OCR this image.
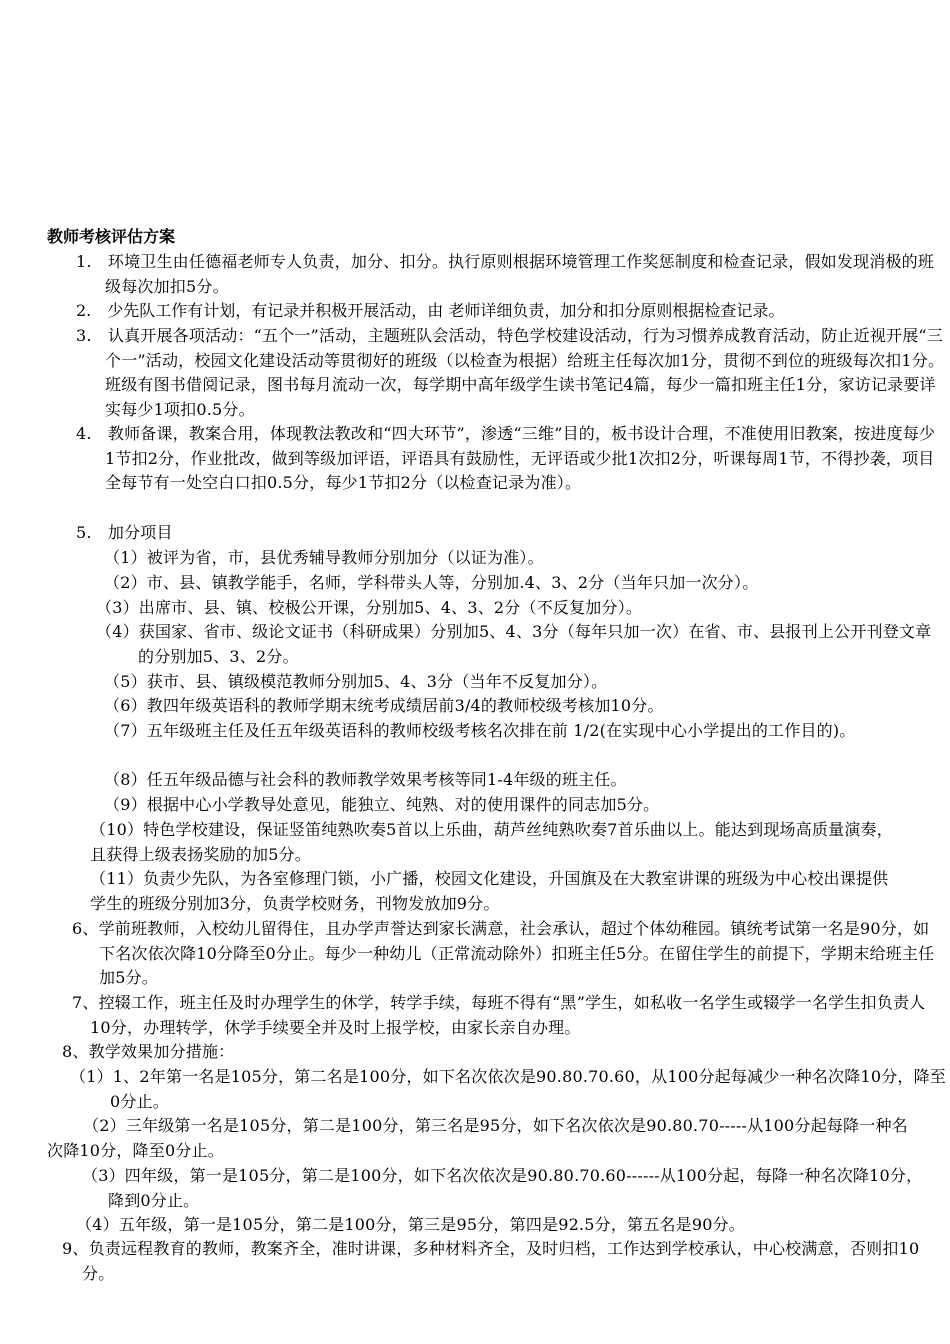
教师考核评估方案
1.　环境卫生由任德福老师专人负责，加分、扣分。执行原则根据环境管理工作奖惩制度和检查记录，假如发现消极的班级每次加扣5分。
2.　少先队工作有计划，有记录并积极开展活动，由 老师详细负责，加分和扣分原则根据检查记录。
3.　认真开展各项活动：“五个一”活动，主题班队会活动，特色学校建设活动，行为习惯养成教育活动，防止近视开展“三个一”活动，校园文化建设活动等贯彻好的班级（以检查为根据）给班主任每次加1分，贯彻不到位的班级每次扣1分。班级有图书借阅记录，图书每月流动一次，每学期中高年级学生读书笔记4篇，每少一篇扣班主任1分，家访记录要详实每少1项扣0.5分。
4.　教师备课，教案合用，体现教法教改和“四大环节”，渗透“三维”目的，板书设计合理，不准使用旧教案，按进度每少1节扣2分，作业批改，做到等级加评语，评语具有鼓励性，无评语或少批1次扣2分，听课每周1节，不得抄袭，项目全每节有一处空白口扣0.5分，每少1节扣2分（以检查记录为准）。
5.　加分项目
（1）被评为省，市，县优秀辅导教师分别加分（以证为准）。
（2）市、县、镇教学能手，名师，学科带头人等，分别加.4、3、2分（当年只加一次分）。
（3）出席市、县、镇、校极公开课，分别加5、4、3、2分（不反复加分）。
（4）获国家、省市、级论文证书（科研成果）分别加5、4、3分（每年只加一次）在省、市、县报刊上公开刊登文章的分别加5、3、2分。
（5）获市、县、镇级模范教师分别加5、4、3分（当年不反复加分）。
（6）教四年级英语科的教师学期末统考成绩居前3/4的教师校级考核加10分。
（7）五年级班主任及任五年级英语科的教师校级考核名次排在前 1/2(在实现中心小学提出的工作目的)。
（8）任五年级品德与社会科的教师教学效果考核等同1-4年级的班主任。
（9）根据中心小学教导处意见，能独立、纯熟、对的使用课件的同志加5分。
（10）特色学校建设，保证竖笛纯熟吹奏5首以上乐曲，葫芦丝纯熟吹奏7首乐曲以上。能达到现场高质量演奏，且获得上级表扬奖励的加5分。
（11）负责少先队，为各室修理门锁，小广播，校园文化建设，升国旗及在大教室讲课的班级为中心校出课提供学生的班级分别加3分，负责学校财务，刊物发放加9分。
6、学前班教师，入校幼儿留得住，且办学声誉达到家长满意，社会承认，超过个体幼稚园。镇统考试第一名是90分，如下名次依次降10分降至0分止。每少一种幼儿（正常流动除外）扣班主任5分。在留住学生的前提下，学期末给班主任加5分。
7、控辍工作，班主任及时办理学生的休学，转学手续，每班不得有“黑”学生，如私收一名学生或辍学一名学生扣负责人10分，办理转学，休学手续要全并及时上报学校，由家长亲自办理。
8、教学效果加分措施：
（1）1、2年第一名是105分，第二名是100分，如下名次依次是90.80.70.60，从100分起每减少一种名次降10分，降至0分止。
（2）三年级第一名是105分，第二是100分，第三名是95分，如下名次依次是90.80.70-----从100分起每降一种名次降10分，降至0分止。
（3）四年级，第一是105分，第二是100分，如下名次依次是90.80.70.60------从100分起，每降一种名次降10分，降到0分止。
（4）五年级，第一是105分，第二是100分，第三是95分，第四是92.5分，第五名是90分。
9、负责远程教育的教师，教案齐全，准时讲课，多种材料齐全，及时归档，工作达到学校承认，中心校满意，否则扣10分。
